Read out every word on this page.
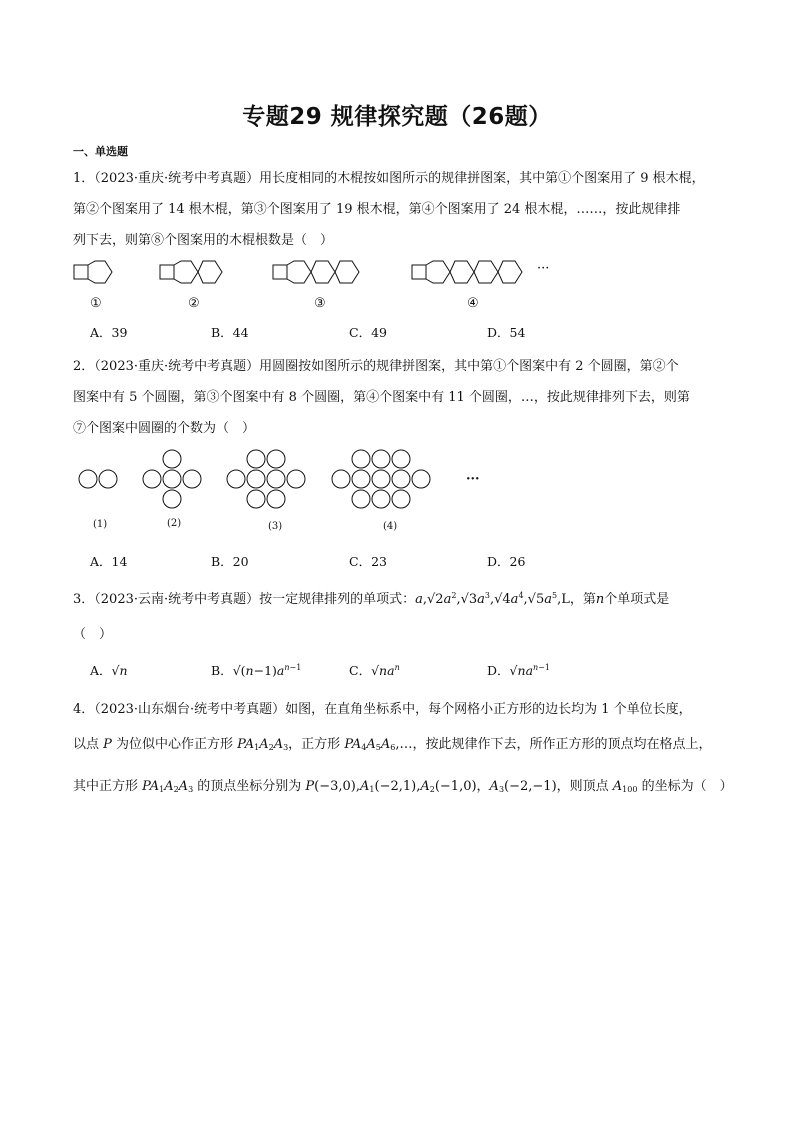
专题29 规律探究题（26题）
一、单选题
1．（2023·重庆·统考中考真题）用长度相同的木棍按如图所示的规律拼图案，其中第①个图案用了 9 根木棍，
第②个图案用了 14 根木棍，第③个图案用了 19 根木棍，第④个图案用了 24 根木棍，……，按此规律排
列下去，则第⑧个图案用的木棍根数是（　）
···
①	②	③	④
A．39	B．44	C．49	D．54
2．（2023·重庆·统考中考真题）用圆圈按如图所示的规律拼图案，其中第①个图案中有 2 个圆圈，第②个
图案中有 5 个圆圈，第③个图案中有 8 个圆圈，第④个图案中有 11 个圆圈，…，按此规律排列下去，则第
⑦个图案中圆圈的个数为（　）
···
(1)	(2)	(3)	(4)
A．14	B．20	C．23	D．26
3．（2023·云南·统考中考真题）按一定规律排列的单项式：$a,√2a^2,√3a^3,√4a^4,√5a^5,L$，第n个单项式是
（　）
A．√n	B．$√(n-1)a^{n-1}$	C．$√na^n$	D．$√na^{n-1}$
4．（2023·山东烟台·统考中考真题）如图，在直角坐标系中，每个网格小正方形的边长均为 1 个单位长度，
以点 P 为位似中心作正方形 $PA_1A_2A_3$，正方形 $PA_4A_5A_6,\dots$，按此规律作下去，所作正方形的顶点均在格点上，
其中正方形 $PA_1A_2A_3$ 的顶点坐标分别为 $P(-3,0),A_1(-2,1),A_2(-1,0)$，$A_3(-2,-1)$，则顶点 $A_{100}$ 的坐标为（　）
